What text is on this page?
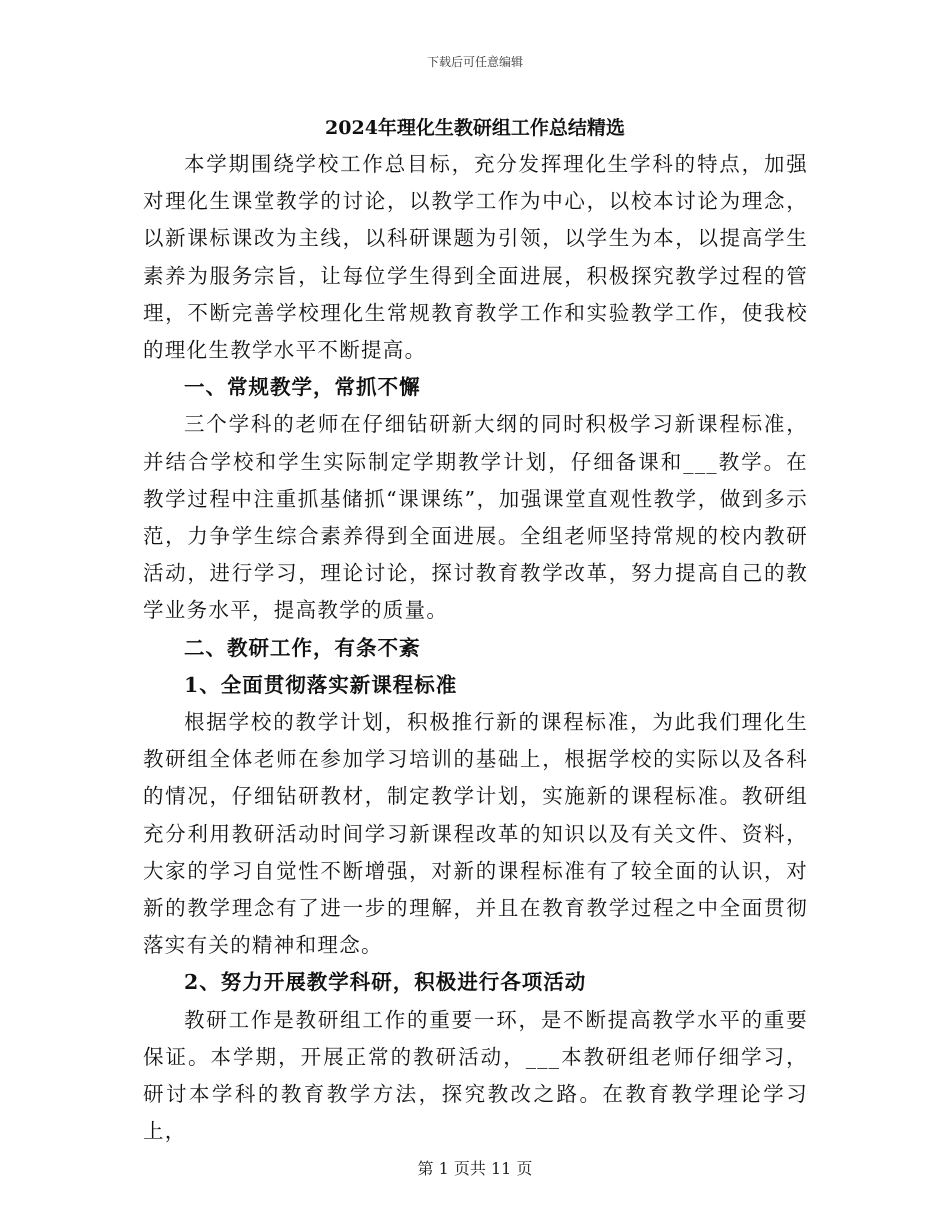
下载后可任意编辑
2024年理化生教研组工作总结精选

本学期围绕学校工作总目标，充分发挥理化生学科的特点，加强对理化生课堂教学的讨论，以教学工作为中心，以校本讨论为理念，以新课标课改为主线，以科研课题为引领，以学生为本，以提高学生素养为服务宗旨，让每位学生得到全面进展，积极探究教学过程的管理，不断完善学校理化生常规教育教学工作和实验教学工作，使我校的理化生教学水平不断提高。

一、常规教学，常抓不懈

三个学科的老师在仔细钻研新大纲的同时积极学习新课程标准，并结合学校和学生实际制定学期教学计划，仔细备课和___教学。在教学过程中注重抓基储抓“课课练”，加强课堂直观性教学，做到多示范，力争学生综合素养得到全面进展。全组老师坚持常规的校内教研活动，进行学习，理论讨论，探讨教育教学改革，努力提高自己的教学业务水平，提高教学的质量。

二、教研工作，有条不紊

1、全面贯彻落实新课程标准

根据学校的教学计划，积极推行新的课程标准，为此我们理化生教研组全体老师在参加学习培训的基础上，根据学校的实际以及各科的情况，仔细钻研教材，制定教学计划，实施新的课程标准。教研组充分利用教研活动时间学习新课程改革的知识以及有关文件、资料，大家的学习自觉性不断增强，对新的课程标准有了较全面的认识，对新的教学理念有了进一步的理解，并且在教育教学过程之中全面贯彻落实有关的精神和理念。

2、努力开展教学科研，积极进行各项活动

教研工作是教研组工作的重要一环，是不断提高教学水平的重要保证。本学期，开展正常的教研活动，___本教研组老师仔细学习，研讨本学科的教育教学方法，探究教改之路。在教育教学理论学习上，

第 1 页共 11 页
